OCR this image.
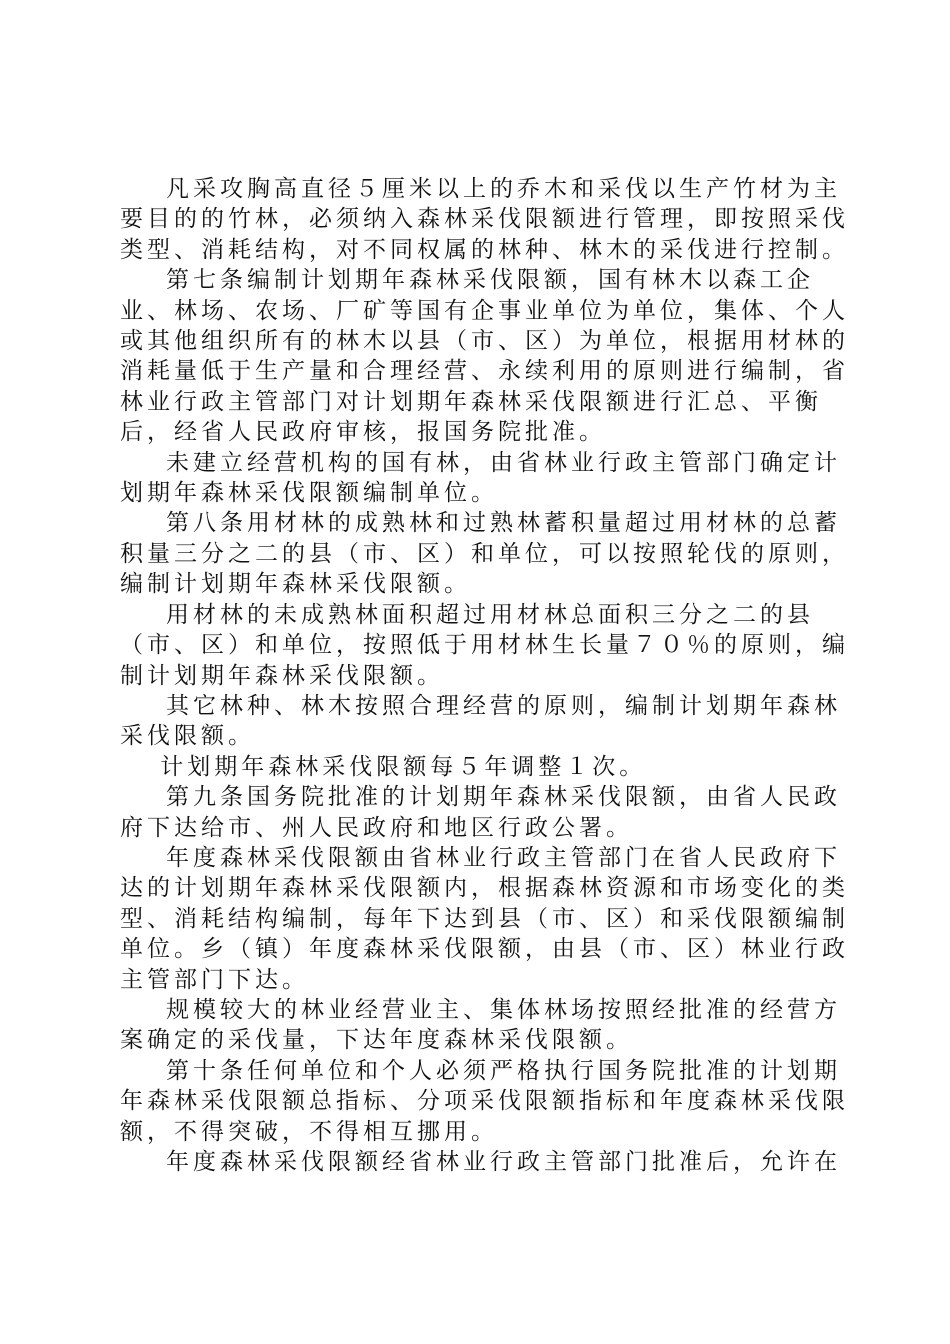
凡采攻胸高直径５厘米以上的乔木和采伐以生产竹材为主要目的的竹林，必须纳入森林采伐限额进行管理，即按照采伐类型、消耗结构，对不同权属的林种、林木的采伐进行控制。

第七条编制计划期年森林采伐限额，国有林木以森工企业、林场、农场、厂矿等国有企事业单位为单位，集体、个人或其他组织所有的林木以县（市、区）为单位，根据用材林的消耗量低于生产量和合理经营、永续利用的原则进行编制，省林业行政主管部门对计划期年森林采伐限额进行汇总、平衡后，经省人民政府审核，报国务院批准。

未建立经营机构的国有林，由省林业行政主管部门确定计划期年森林采伐限额编制单位。

第八条用材林的成熟林和过熟林蓄积量超过用材林的总蓄积量三分之二的县（市、区）和单位，可以按照轮伐的原则，编制计划期年森林采伐限额。

用材林的未成熟林面积超过用材林总面积三分之二的县（市、区）和单位，按照低于用材林生长量７０％的原则，编制计划期年森林采伐限额。

其它林种、林木按照合理经营的原则，编制计划期年森林采伐限额。

计划期年森林采伐限额每５年调整１次。

第九条国务院批准的计划期年森林采伐限额，由省人民政府下达给市、州人民政府和地区行政公署。

年度森林采伐限额由省林业行政主管部门在省人民政府下达的计划期年森林采伐限额内，根据森林资源和市场变化的类型、消耗结构编制，每年下达到县（市、区）和采伐限额编制单位。乡（镇）年度森林采伐限额，由县（市、区）林业行政主管部门下达。

规模较大的林业经营业主、集体林场按照经批准的经营方案确定的采伐量，下达年度森林采伐限额。

第十条任何单位和个人必须严格执行国务院批准的计划期年森林采伐限额总指标、分项采伐限额指标和年度森林采伐限额，不得突破，不得相互挪用。

年度森林采伐限额经省林业行政主管部门批准后，允许在
